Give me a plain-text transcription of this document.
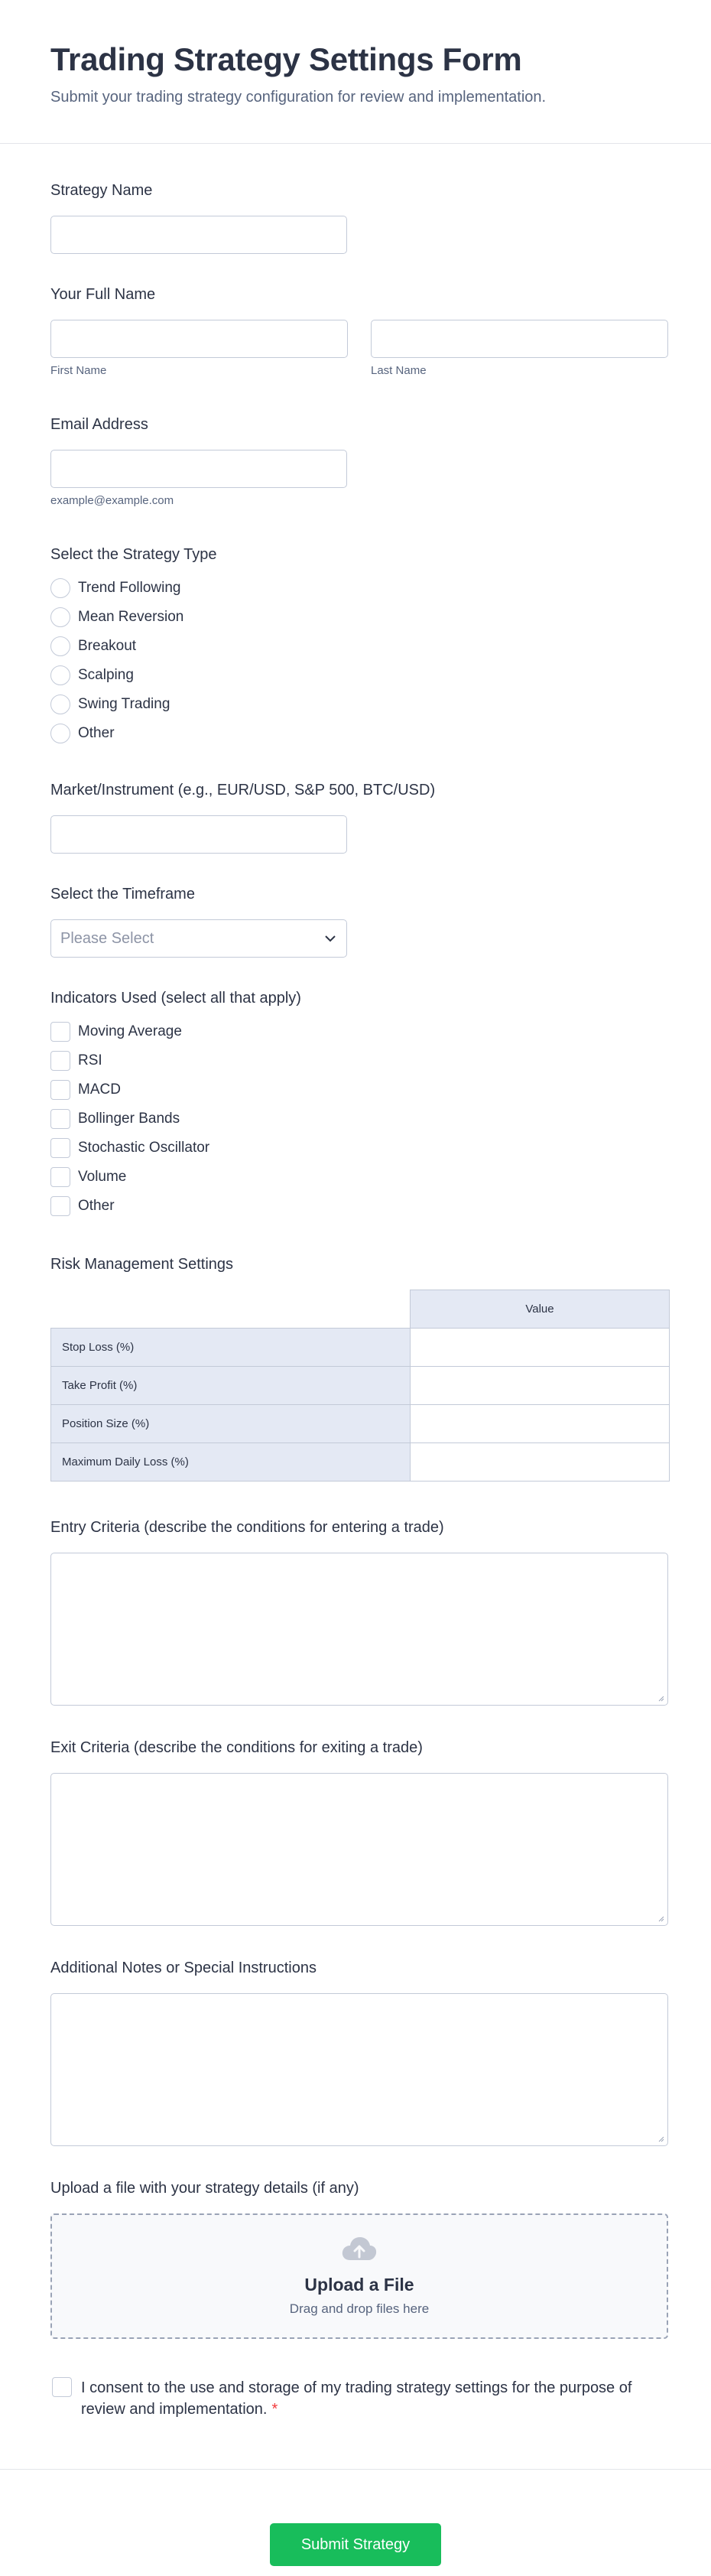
Trading Strategy Settings Form

Submit your trading strategy configuration for review and implementation.

Strategy Name
Your Full Name
First Name	Last Name
Email Address
example@example.com
Select the Strategy Type
Trend Following
Mean Reversion
Breakout
Scalping
Swing Trading
Other
Market/Instrument (e.g., EUR/USD, S&P 500, BTC/USD)
Select the Timeframe
Please Select
Indicators Used (select all that apply)
Moving Average
RSI
MACD
Bollinger Bands
Stochastic Oscillator
Volume
Other
Risk Management Settings
	Value
Stop Loss (%)	
Take Profit (%)	
Position Size (%)	
Maximum Daily Loss (%)	
Entry Criteria (describe the conditions for entering a trade)
Exit Criteria (describe the conditions for exiting a trade)
Additional Notes or Special Instructions
Upload a file with your strategy details (if any)
Upload a File
Drag and drop files here
I consent to the use and storage of my trading strategy settings for the purpose of review and implementation. *
Submit Strategy
